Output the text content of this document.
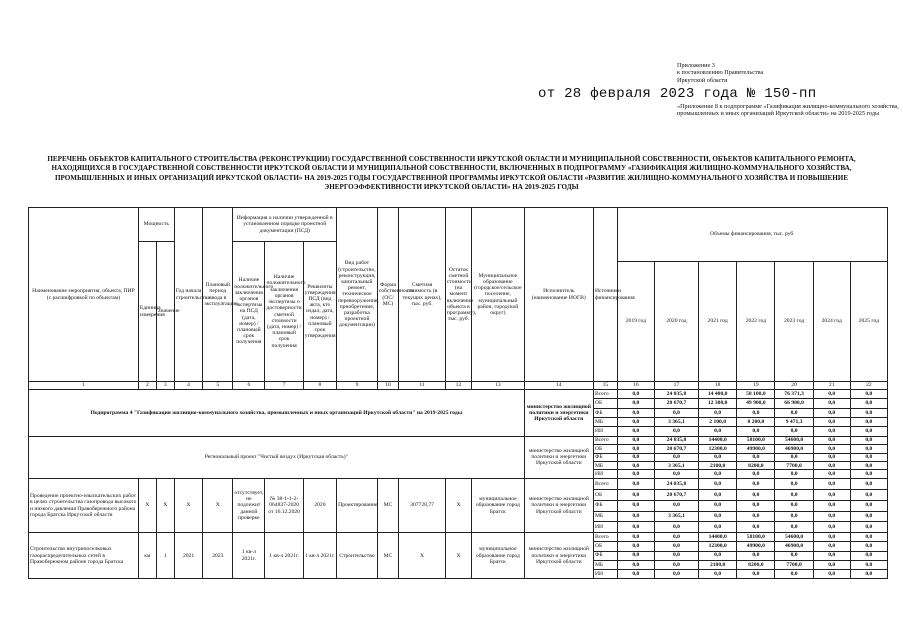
Приложение 3
к постановлению Правительства
Иркутской области
от 28 февраля 2023 года № 150-пп
«Приложение 8 к подпрограмме «Газификация жилищно-коммунального хозяйства, промышленных и иных организаций Иркутской области» на 2019-2025 годы
ПЕРЕЧЕНЬ ОБЪЕКТОВ КАПИТАЛЬНОГО СТРОИТЕЛЬСТВА (РЕКОНСТРУКЦИИ) ГОСУДАРСТВЕННОЙ СОБСТВЕННОСТИ ИРКУТСКОЙ ОБЛАСТИ И МУНИЦИПАЛЬНОЙ СОБСТВЕННОСТИ, ОБЪЕКТОВ КАПИТАЛЬНОГО РЕМОНТА, НАХОДЯЩИХСЯ В ГОСУДАРСТВЕННОЙ СОБСТВЕННОСТИ ИРКУТСКОЙ ОБЛАСТИ И МУНИЦИПАЛЬНОЙ СОБСТВЕННОСТИ, ВКЛЮЧЕННЫХ В ПОДПРОГРАММУ «ГАЗИФИКАЦИЯ ЖИЛИЩНО-КОММУНАЛЬНОГО ХОЗЯЙСТВА, ПРОМЫШЛЕННЫХ И ИНЫХ ОРГАНИЗАЦИЙ ИРКУТСКОЙ ОБЛАСТИ» НА 2019-2025 ГОДЫ ГОСУДАРСТВЕННОЙ ПРОГРАММЫ ИРКУТСКОЙ ОБЛАСТИ «РАЗВИТИЕ ЖИЛИЩНО-КОММУНАЛЬНОГО ХОЗЯЙСТВА И ПОВЫШЕНИЕ ЭНЕРГОЭФФЕКТИВНОСТИ ИРКУТСКОЙ ОБЛАСТИ» НА 2019-2025 ГОДЫ
Наименование мероприятия, объекта, ПИР (с расшифровкой по объектам)	Мощность		Год начала строительства	Плановый период ввода в эксплуатацию	Информация о наличии утвержденной в установленном порядке проектной документации (ПСД)			Вид работ (строительство, реконструкция, капитальный ремонт, техническое перевооружение, приобретение, разработка проектной документации)	Форма собственности (ОС/МС)	Сметная стоимость (в текущих ценах), тыс. руб.	Остаток сметной стоимости (на момент включения объекта в программу), тыс. руб.	Муниципальное образование (городское/сельское поселение, муниципальный район, городской округ)	Исполнитель (наименование ИОГВ)	Источники финансирования	Объемы финансирования, тыс. руб.						
	Единица измерения	Значение			Наличие положительного заключения органов экспертизы на ПСД (дата, номер) / плановый срок получения	Наличие положительного заключения органов экспертизы о достоверности сметной стоимости (дата, номер) / плановый срок получения	Реквизиты утверждения ПСД (вид акта, кто издал, дата, номер) / плановый срок утверждения														
															2019 год	2020 год	2021 год	2022 год	2023 год	2024 год	2025 год
1	2	3	4	5	6	7	8	9	10	11	12	13	14	15	16	17	18	19	20	21	22
Подпрограмма 4 "Газификация жилищно-коммунального хозяйства, промышленных и иных организаций Иркутской области" на 2019-2025 годы													министерство жилищной политики и энергетики Иркутской области	Всего	0,0	24 035,8	14 400,0	58 100,0	76 371,3	0,0	0,0
														ОБ	0,0	20 670,7	12 300,0	49 900,0	66 900,0	0,0	0,0
														ФБ	0,0	0,0	0,0	0,0	0,0	0,0	0,0
														МБ	0,0	3 365,1	2 100,0	8 200,0	9 471,3	0,0	0,0
														ИИ	0,0	0,0	0,0	0,0	0,0	0,0	0,0
Региональный проект "Чистый воздух (Иркутская область)"													министерство жилищной политики и энергетики Иркутской области	Всего	0,0	24 035,8	14400,0	58100,0	54600,0	0,0	0,0
														ОБ	0,0	20 670,7	12300,0	49900,0	46900,0	0,0	0,0
														ФБ	0,0	0,0	0,0	0,0	0,0	0,0	0,0
														МБ	0,0	3 365,1	2100,0	8200,0	7700,0	0,0	0,0
														ИИ	0,0	0,0	0,0	0,0	0,0	0,0	0,0
Проведение проектно-изыскательских работ в целях строительства газопровода высокого и низкого давления Правобережного района города Братска Иркутской области	Х	Х	Х	Х	отсутствует, не подлежит данной проверке	№ 38-1-1-2-064837-2020 от 16.12.2020	2020	Проектирование	МС	307728,77	Х	муниципальное образование город Братск	министерство жилищной политики и энергетики Иркутской области	Всего	0,0	24 035,8	0,0	0,0	0,0	0,0	0,0
														ОБ	0,0	20 670,7	0,0	0,0	0,0	0,0	0,0
														ФБ	0,0	0,0	0,0	0,0	0,0	0,0	0,0
														МБ	0,0	3 365,1	0,0	0,0	0,0	0,0	0,0
														ИИ	0,0	0,0	0,0	0,0	0,0	0,0	0,0
Строительство внутрипоселковых газораспределительных сетей в Правобережном районе города Братска	км	1	2021	2023	1 кв-л 2021г.	1 кв-л 2021г.	1 кв-л 2021г.	Строительство	МС	Х	Х	муниципальное образование город Братск	министерство жилищной политики и энергетики Иркутской области	Всего	0,0	0,0	14400,0	58100,0	54600,0	0,0	0,0
														ОБ	0,0	0,0	12300,0	49900,0	46900,0	0,0	0,0
														ФБ	0,0	0,0	0,0	0,0	0,0	0,0	0,0
														МБ	0,0	0,0	2100,0	8200,0	7700,0	0,0	0,0
														ИИ	0,0	0,0	0,0	0,0	0,0	0,0	0,0
